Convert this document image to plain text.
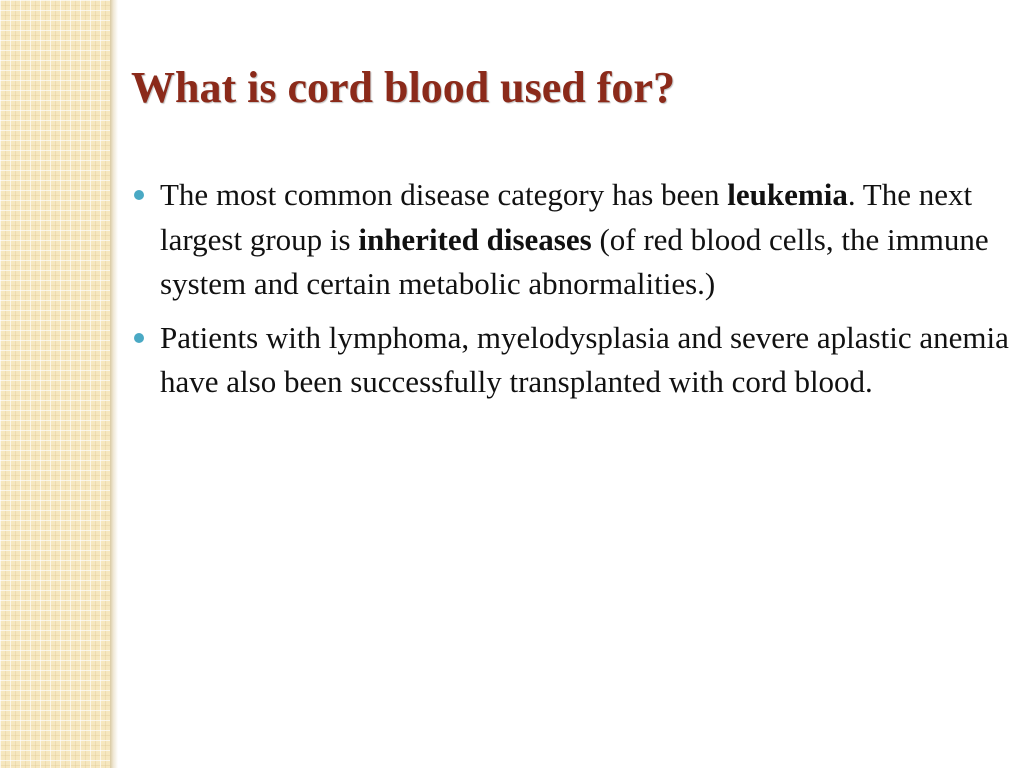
What is cord blood used for?
The most common disease category has been leukemia. The next largest group is inherited diseases (of red blood cells, the immune system and certain metabolic abnormalities.)
Patients with lymphoma, myelodysplasia and severe aplastic anemia have also been successfully transplanted with cord blood.
